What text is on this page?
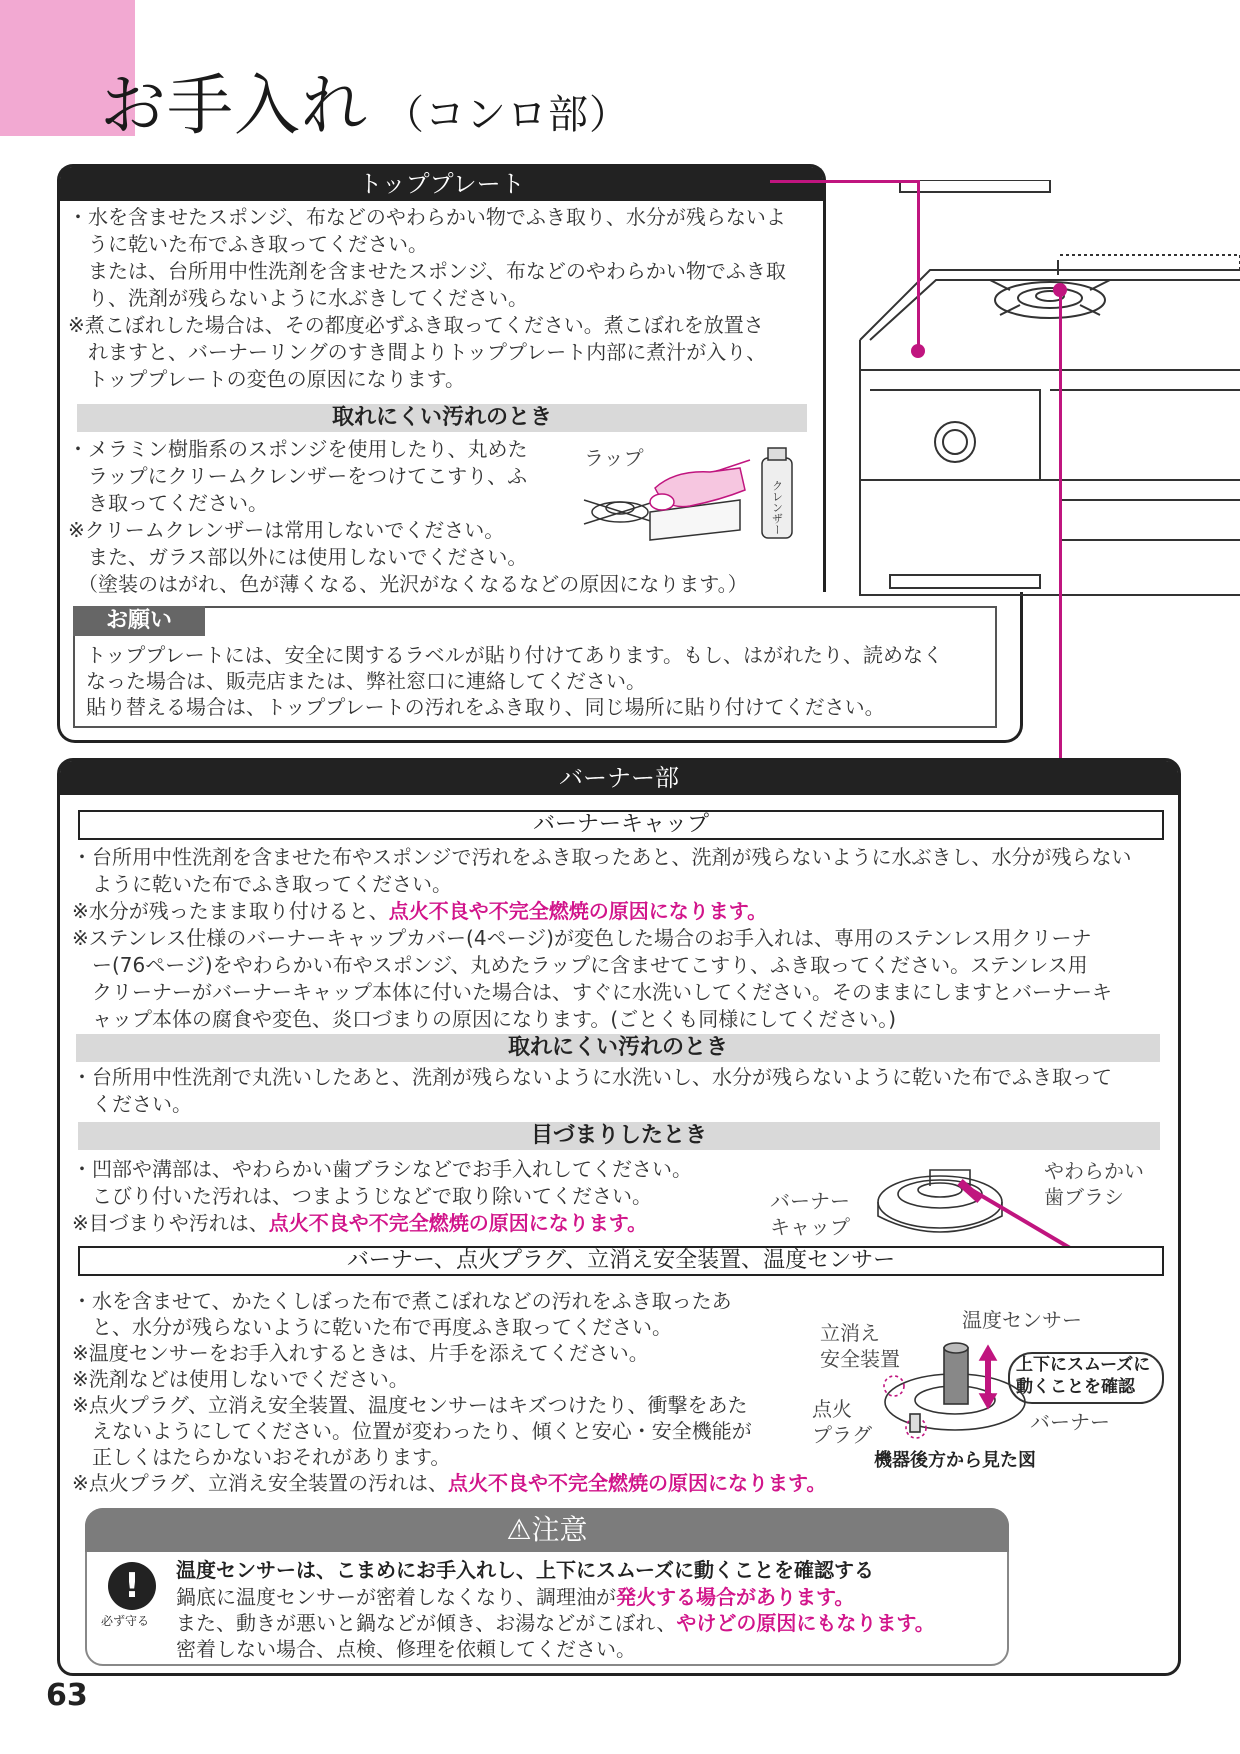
お手入れ （コンロ部）
トッププレート
・水を含ませたスポンジ、布などのやわらかい物でふき取り、水分が残らないよ
　うに乾いた布でふき取ってください。
　または、台所用中性洗剤を含ませたスポンジ、布などのやわらかい物でふき取
　り、洗剤が残らないように水ぶきしてください。
※煮こぼれした場合は、その都度必ずふき取ってください。煮こぼれを放置さ
　れますと、バーナーリングのすき間よりトッププレート内部に煮汁が入り、
　トッププレートの変色の原因になります。
取れにくい汚れのとき
・メラミン樹脂系のスポンジを使用したり、丸めた
　ラップにクリームクレンザーをつけてこすり、ふ
　き取ってください。
※クリームクレンザーは常用しないでください。
　また、ガラス部以外には使用しないでください。
　（塗装のはがれ、色が薄くなる、光沢がなくなるなどの原因になります。）
ラップ
クレンザー
お願い
トッププレートには、安全に関するラベルが貼り付けてあります。もし、はがれたり、読めなく
なった場合は、販売店または、弊社窓口に連絡してください。
貼り替える場合は、トッププレートの汚れをふき取り、同じ場所に貼り付けてください。
バーナー部
バーナーキャップ
・台所用中性洗剤を含ませた布やスポンジで汚れをふき取ったあと、洗剤が残らないように水ぶきし、水分が残らない
　ように乾いた布でふき取ってください。
※水分が残ったまま取り付けると、点火不良や不完全燃焼の原因になります。
※ステンレス仕様のバーナーキャップカバー(4ページ)が変色した場合のお手入れは、専用のステンレス用クリーナ
　ー(76ページ)をやわらかい布やスポンジ、丸めたラップに含ませてこすり、ふき取ってください。ステンレス用
　クリーナーがバーナーキャップ本体に付いた場合は、すぐに水洗いしてください。そのままにしますとバーナーキ
　ャップ本体の腐食や変色、炎口づまりの原因になります。(ごとくも同様にしてください。)
取れにくい汚れのとき
・台所用中性洗剤で丸洗いしたあと、洗剤が残らないように水洗いし、水分が残らないように乾いた布でふき取って
　ください。
目づまりしたとき
・凹部や溝部は、やわらかい歯ブラシなどでお手入れしてください。
　こびり付いた汚れは、つまようじなどで取り除いてください。
※目づまりや汚れは、点火不良や不完全燃焼の原因になります。
バーナー
キャップ
やわらかい
歯ブラシ
バーナー、点火プラグ、立消え安全装置、温度センサー
・水を含ませて、かたくしぼった布で煮こぼれなどの汚れをふき取ったあ
　と、水分が残らないように乾いた布で再度ふき取ってください。
※温度センサーをお手入れするときは、片手を添えてください。
※洗剤などは使用しないでください。
※点火プラグ、立消え安全装置、温度センサーはキズつけたり、衝撃をあた
　えないようにしてください。位置が変わったり、傾くと安心・安全機能が
　正しくはたらかないおそれがあります。
※点火プラグ、立消え安全装置の汚れは、点火不良や不完全燃焼の原因になります。
温度センサー
立消え
安全装置
点火
プラグ
バーナー
上下にスムーズに
動くことを確認
機器後方から見た図
⚠注意
!
必ず守る
温度センサーは、こまめにお手入れし、上下にスムーズに動くことを確認する
鍋底に温度センサーが密着しなくなり、調理油が発火する場合があります。
また、動きが悪いと鍋などが傾き、お湯などがこぼれ、やけどの原因にもなります。
密着しない場合、点検、修理を依頼してください。
63
